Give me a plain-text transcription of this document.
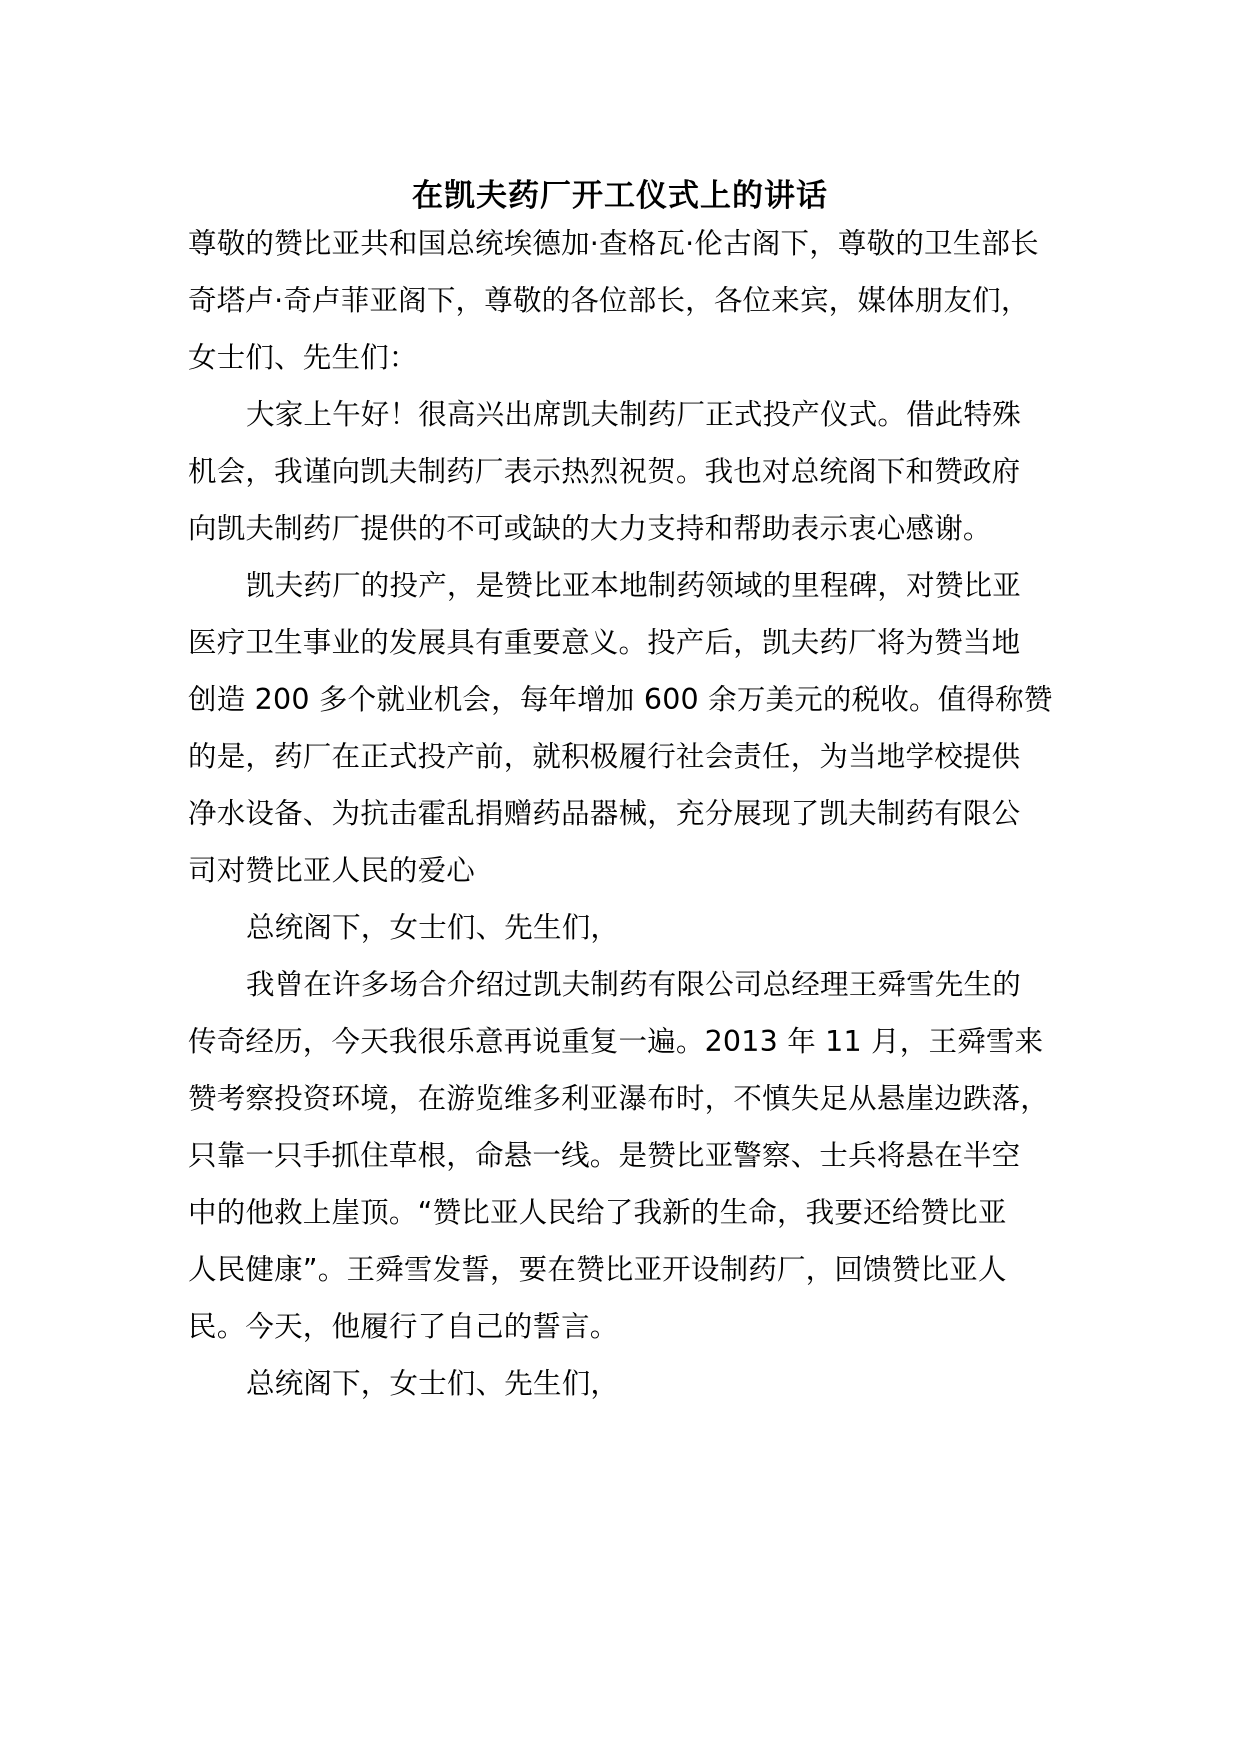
在凯夫药厂开工仪式上的讲话
尊敬的赞比亚共和国总统埃德加·查格瓦·伦古阁下，尊敬的卫生部长
奇塔卢·奇卢菲亚阁下，尊敬的各位部长，各位来宾，媒体朋友们，
女士们、先生们：
大家上午好！很高兴出席凯夫制药厂正式投产仪式。借此特殊
机会，我谨向凯夫制药厂表示热烈祝贺。我也对总统阁下和赞政府
向凯夫制药厂提供的不可或缺的大力支持和帮助表示衷心感谢。
凯夫药厂的投产，是赞比亚本地制药领域的里程碑，对赞比亚
医疗卫生事业的发展具有重要意义。投产后，凯夫药厂将为赞当地
创造 200 多个就业机会，每年增加 600 余万美元的税收。值得称赞
的是，药厂在正式投产前，就积极履行社会责任，为当地学校提供
净水设备、为抗击霍乱捐赠药品器械，充分展现了凯夫制药有限公
司对赞比亚人民的爱心
总统阁下，女士们、先生们，
我曾在许多场合介绍过凯夫制药有限公司总经理王舜雪先生的
传奇经历，今天我很乐意再说重复一遍。2013 年 11 月，王舜雪来
赞考察投资环境，在游览维多利亚瀑布时，不慎失足从悬崖边跌落，
只靠一只手抓住草根，命悬一线。是赞比亚警察、士兵将悬在半空
中的他救上崖顶。“赞比亚人民给了我新的生命，我要还给赞比亚
人民健康”。王舜雪发誓，要在赞比亚开设制药厂，回馈赞比亚人
民。今天，他履行了自己的誓言。
总统阁下，女士们、先生们，
